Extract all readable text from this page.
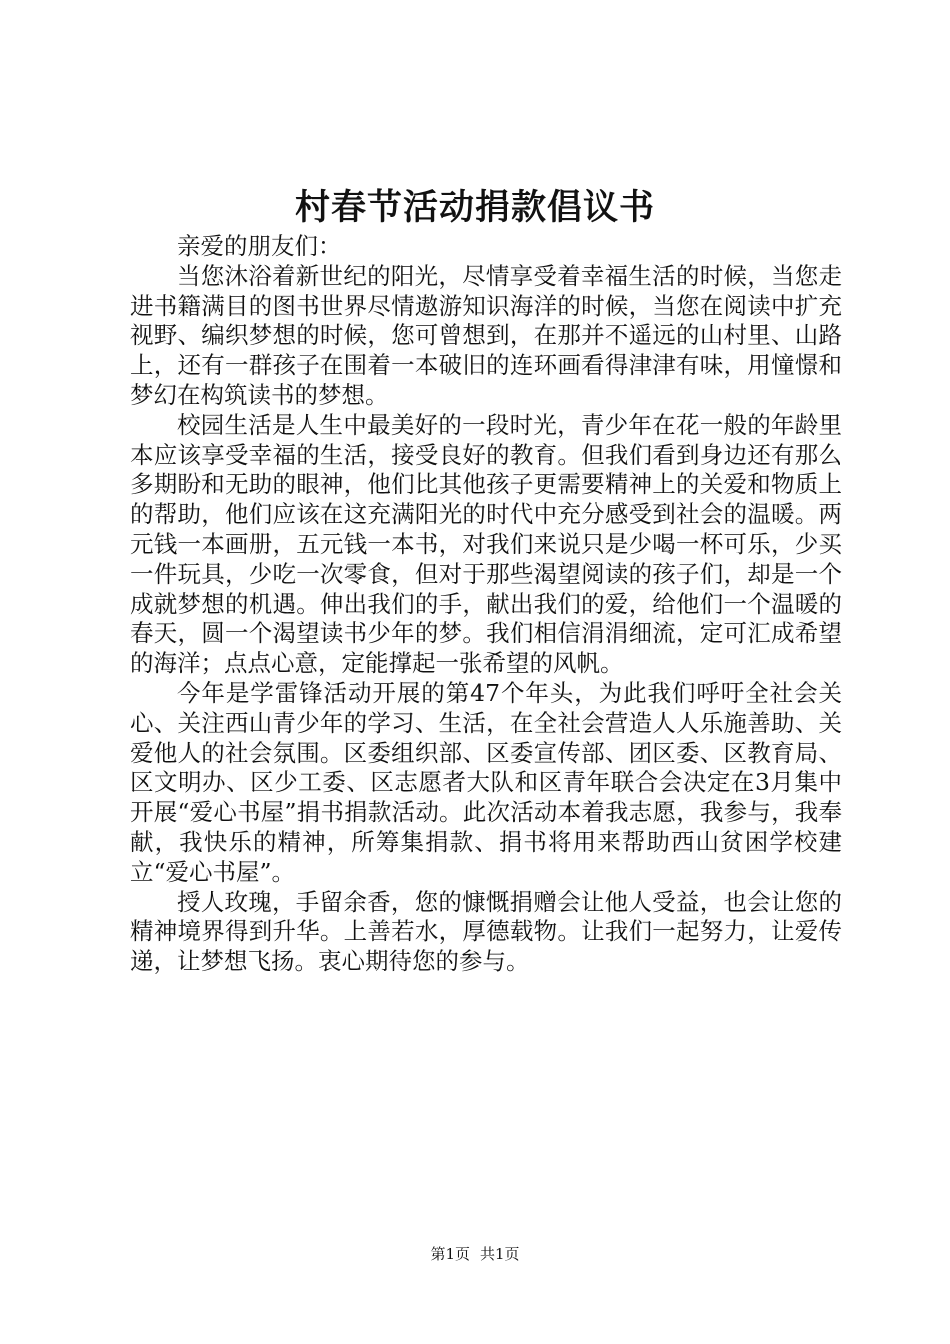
村春节活动捐款倡议书

亲爱的朋友们：

当您沐浴着新世纪的阳光，尽情享受着幸福生活的时候，当您走进书籍满目的图书世界尽情遨游知识海洋的时候，当您在阅读中扩充视野、编织梦想的时候，您可曾想到，在那并不遥远的山村里、山路上，还有一群孩子在围着一本破旧的连环画看得津津有味，用憧憬和梦幻在构筑读书的梦想。

校园生活是人生中最美好的一段时光，青少年在花一般的年龄里本应该享受幸福的生活，接受良好的教育。但我们看到身边还有那么多期盼和无助的眼神，他们比其他孩子更需要精神上的关爱和物质上的帮助，他们应该在这充满阳光的时代中充分感受到社会的温暖。两元钱一本画册，五元钱一本书，对我们来说只是少喝一杯可乐，少买一件玩具，少吃一次零食，但对于那些渴望阅读的孩子们，却是一个成就梦想的机遇。伸出我们的手，献出我们的爱，给他们一个温暖的春天，圆一个渴望读书少年的梦。我们相信涓涓细流，定可汇成希望的海洋；点点心意，定能撑起一张希望的风帆。

今年是学雷锋活动开展的第47个年头，为此我们呼吁全社会关心、关注西山青少年的学习、生活，在全社会营造人人乐施善助、关爱他人的社会氛围。区委组织部、区委宣传部、团区委、区教育局、区文明办、区少工委、区志愿者大队和区青年联合会决定在3月集中开展“爱心书屋”捐书捐款活动。此次活动本着我志愿，我参与，我奉献，我快乐的精神，所筹集捐款、捐书将用来帮助西山贫困学校建立“爱心书屋”。

授人玫瑰，手留余香，您的慷慨捐赠会让他人受益，也会让您的精神境界得到升华。上善若水，厚德载物。让我们一起努力，让爱传递，让梦想飞扬。衷心期待您的参与。

第1页 共1页
